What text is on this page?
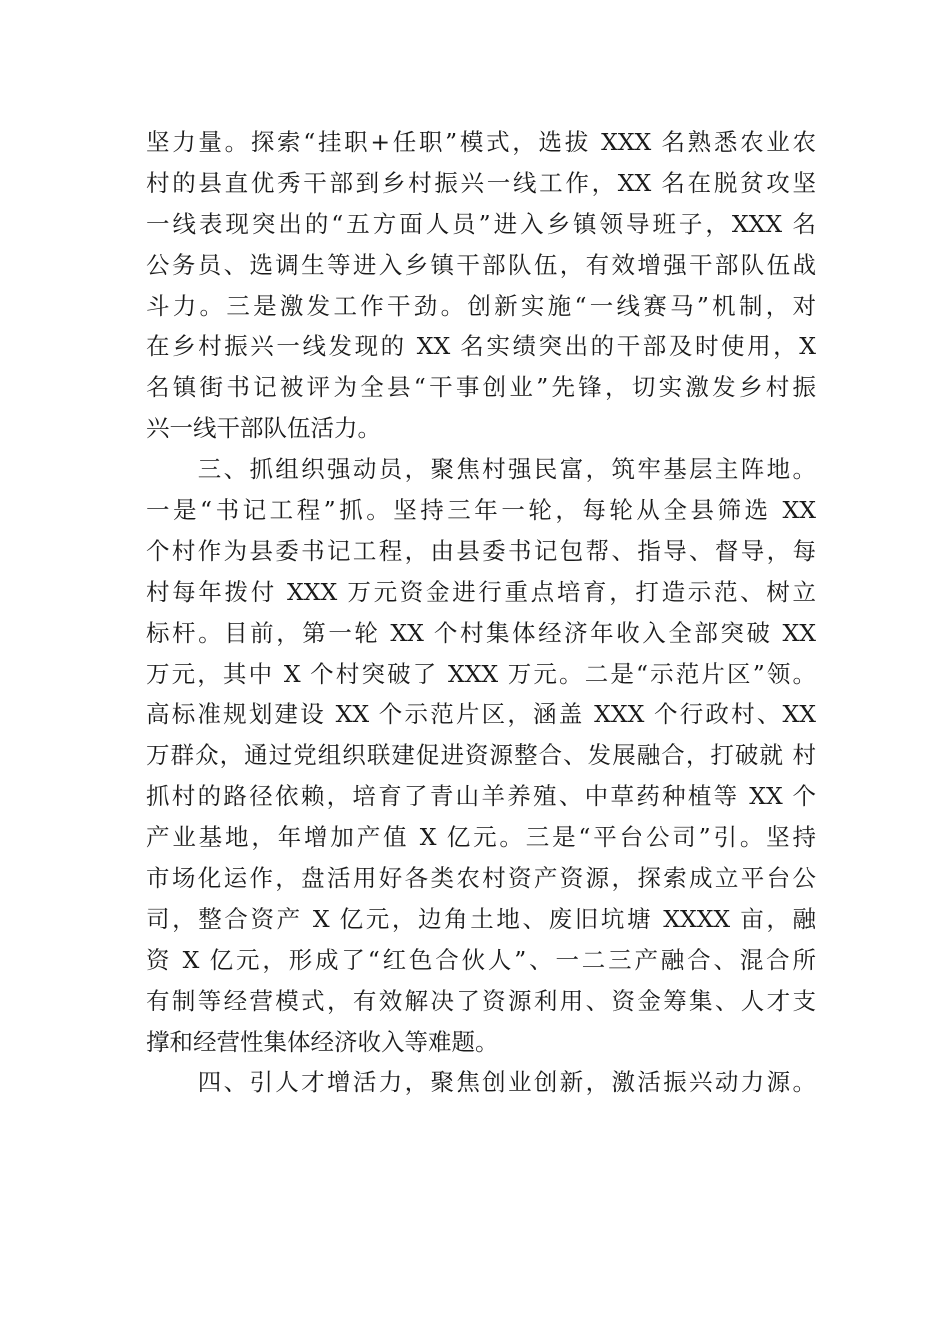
坚力量。探索“挂职+任职”模式，选拔 XXX 名熟悉农业农
村的县直优秀干部到乡村振兴一线工作，XX 名在脱贫攻坚
一线表现突出的“五方面人员”进入乡镇领导班子，XXX 名
公务员、选调生等进入乡镇干部队伍，有效增强干部队伍战
斗力。三是激发工作干劲。创新实施“一线赛马”机制，对
在乡村振兴一线发现的 XX 名实绩突出的干部及时使用，X
名镇街书记被评为全县“干事创业”先锋，切实激发乡村振
兴一线干部队伍活力。
　　三、抓组织强动员，聚焦村强民富，筑牢基层主阵地。
一是“书记工程”抓。坚持三年一轮，每轮从全县筛选 XX
个村作为县委书记工程，由县委书记包帮、指导、督导，每
村每年拨付 XXX 万元资金进行重点培育，打造示范、树立
标杆。目前，第一轮 XX 个村集体经济年收入全部突破 XX
万元，其中 X 个村突破了 XXX 万元。二是“示范片区”领。
高标准规划建设 XX 个示范片区，涵盖 XXX 个行政村、XX
万群众，通过党组织联建促进资源整合、发展融合，打破就 村
抓村的路径依赖，培育了青山羊养殖、中草药种植等 XX 个
产业基地，年增加产值 X 亿元。三是“平台公司”引。坚持
市场化运作，盘活用好各类农村资产资源，探索成立平台公
司，整合资产 X 亿元，边角土地、废旧坑塘 XXXX 亩，融
资 X 亿元，形成了“红色合伙人”、一二三产融合、混合所
有制等经营模式，有效解决了资源利用、资金筹集、人才支
撑和经营性集体经济收入等难题。
　　四、引人才增活力，聚焦创业创新，激活振兴动力源。
